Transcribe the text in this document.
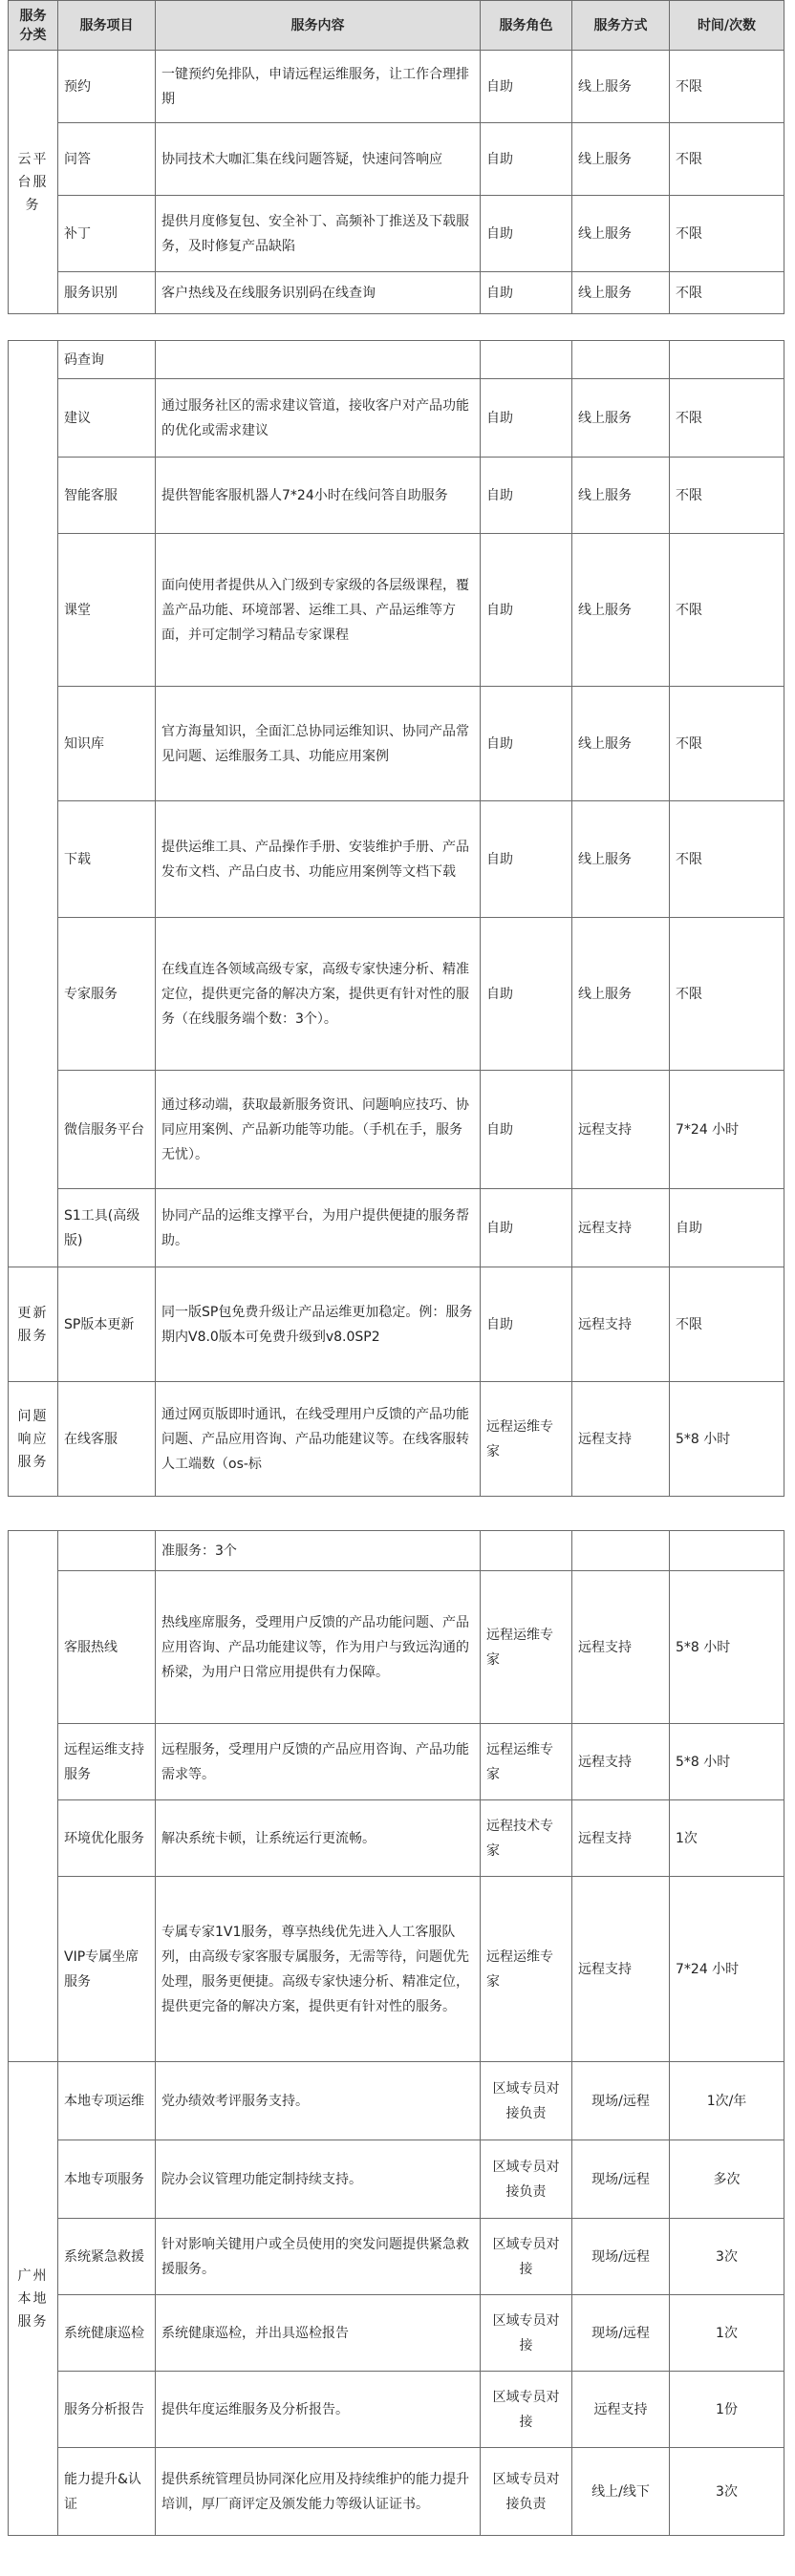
服务分类	服务项目	服务内容	服务角色	服务方式	时间/次数
云平台服务	预约	一键预约免排队，申请远程运维服务，让工作合理排期	自助	线上服务	不限
	问答	协同技术大咖汇集在线问题答疑，快速问答响应	自助	线上服务	不限
	补丁	提供月度修复包、安全补丁、高频补丁推送及下载服务，及时修复产品缺陷	自助	线上服务	不限
	服务识别	客户热线及在线服务识别码在线查询	自助	线上服务	不限
	码查询				
	建议	通过服务社区的需求建议管道，接收客户对产品功能的优化或需求建议	自助	线上服务	不限
	智能客服	提供智能客服机器人7*24小时在线问答自助服务	自助	线上服务	不限
	课堂	面向使用者提供从入门级到专家级的各层级课程，覆盖产品功能、环境部署、运维工具、产品运维等方面，并可定制学习精品专家课程	自助	线上服务	不限
	知识库	官方海量知识，全面汇总协同运维知识、协同产品常见问题、运维服务工具、功能应用案例	自助	线上服务	不限
	下载	提供运维工具、产品操作手册、安装维护手册、产品发布文档、产品白皮书、功能应用案例等文档下载	自助	线上服务	不限
	专家服务	在线直连各领域高级专家，高级专家快速分析、精准定位，提供更完备的解决方案，提供更有针对性的服务（在线服务端个数：3个）。	自助	线上服务	不限
	微信服务平台	通过移动端，获取最新服务资讯、问题响应技巧、协同应用案例、产品新功能等功能。（手机在手，服务无忧）。	自助	远程支持	7*24 小时
	S1工具(高级版)	协同产品的运维支撑平台，为用户提供便捷的服务帮助。	自助	远程支持	自助
更新服务	SP版本更新	同一版SP包免费升级让产品运维更加稳定。例：服务期内V8.0版本可免费升级到v8.0SP2	自助	远程支持	不限
问题响应服务	在线客服	通过网页版即时通讯，在线受理用户反馈的产品功能问题、产品应用咨询、产品功能建议等。在线客服转人工端数（os-标	远程运维专家	远程支持	5*8 小时
		准服务：3个			
	客服热线	热线座席服务，受理用户反馈的产品功能问题、产品应用咨询、产品功能建议等，作为用户与致远沟通的桥梁，为用户日常应用提供有力保障。	远程运维专家	远程支持	5*8 小时
	远程运维支持服务	远程服务，受理用户反馈的产品应用咨询、产品功能需求等。	远程运维专家	远程支持	5*8 小时
	环境优化服务	解决系统卡顿，让系统运行更流畅。	远程技术专家	远程支持	1次
	VIP专属坐席服务	专属专家1V1服务，尊享热线优先进入人工客服队列，由高级专家客服专属服务，无需等待，问题优先处理，服务更便捷。高级专家快速分析、精准定位，提供更完备的解决方案，提供更有针对性的服务。	远程运维专家	远程支持	7*24 小时
广州本地服务	本地专项运维	党办绩效考评服务支持。	区域专员对接负责	现场/远程	1次/年
	本地专项服务	院办会议管理功能定制持续支持。	区域专员对接负责	现场/远程	多次
	系统紧急救援	针对影响关键用户或全员使用的突发问题提供紧急救援服务。	区域专员对接	现场/远程	3次
	系统健康巡检	系统健康巡检，并出具巡检报告	区域专员对接	现场/远程	1次
	服务分析报告	提供年度运维服务及分析报告。	区域专员对接	远程支持	1份
	能力提升&认证	提供系统管理员协同深化应用及持续维护的能力提升培训，厚厂商评定及颁发能力等级认证证书。	区域专员对接负责	线上/线下	3次
